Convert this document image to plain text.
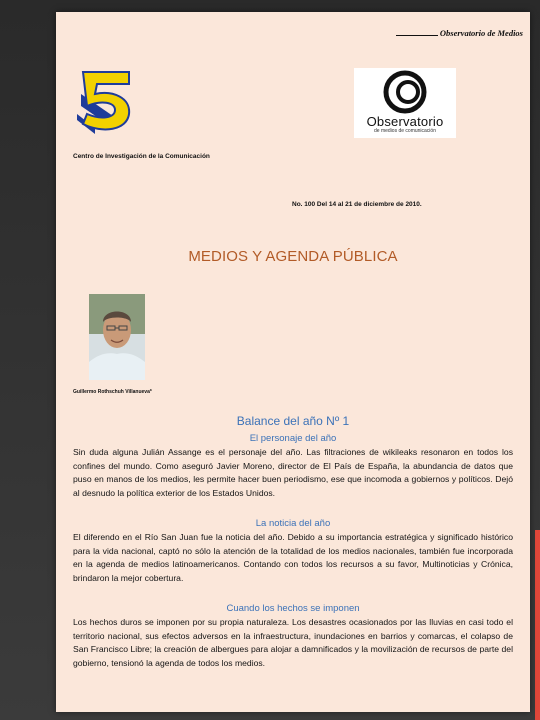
Observatorio de Medios
Observatorio
de medios de comunicación
Centro de Investigación de la Comunicación
No. 100 Del 14 al 21 de diciembre de 2010.
MEDIOS Y AGENDA PÚBLICA
Guillermo Rothschuh Villanueva*
Balance del año Nº 1
El personaje del año
Sin duda alguna Julián Assange es el personaje del año. Las filtraciones de wikileaks resonaron en todos los confines del mundo. Como aseguró Javier Moreno, director de El País de España, la abundancia de datos que puso en manos de los medios, les permite hacer buen periodismo, ese que incomoda a gobiernos y políticos. Dejó al desnudo la política exterior de los Estados Unidos.
La noticia del año
El diferendo en el Río San Juan fue la noticia del año. Debido a su importancia estratégica y significado histórico para la vida nacional, captó no sólo la atención de la totalidad de los medios nacionales, también fue incorporada en la agenda de medios latinoamericanos. Contando con todos los recursos a su favor, Multinoticias y Crónica, brindaron la mejor cobertura.
Cuando los hechos se imponen
Los hechos duros se imponen por su propia naturaleza. Los desastres ocasionados por las lluvias en casi todo el territorio nacional, sus efectos adversos en la infraestructura, inundaciones en barrios y comarcas, el colapso de San Francisco Libre; la creación de albergues para alojar a damnificados y la movilización de recursos de parte del gobierno, tensionó la agenda de todos los medios.
